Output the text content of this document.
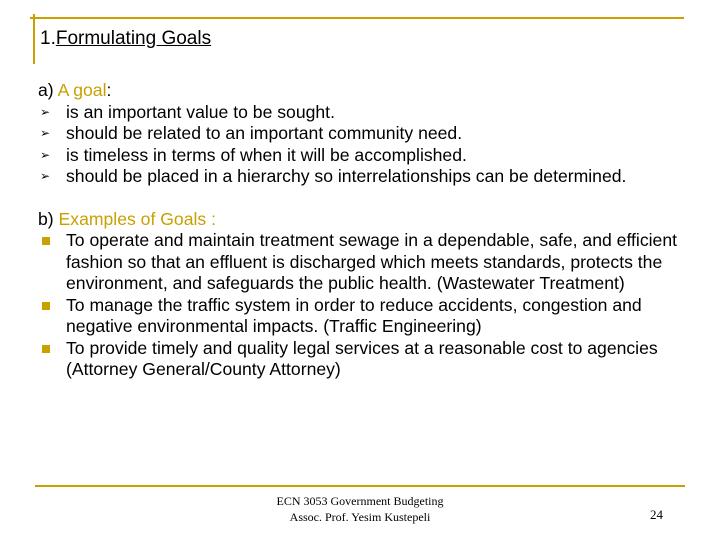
1.Formulating Goals
a) A goal:
➢ is an important value to be sought.
➢ should be related to an important community need.
➢ is timeless in terms of when it will be accomplished.
➢ should be placed in a hierarchy so interrelationships can be determined.
b) Examples of Goals :
To operate and maintain treatment sewage in a dependable, safe, and efficient fashion so that an effluent is discharged which meets standards, protects the environment, and safeguards the public health. (Wastewater Treatment)
To manage the traffic system in order to reduce accidents, congestion and negative environmental impacts. (Traffic Engineering)
To provide timely and quality legal services at a reasonable cost to agencies (Attorney General/County Attorney)
ECN 3053 Government Budgeting
Assoc. Prof. Yesim Kustepeli	24
